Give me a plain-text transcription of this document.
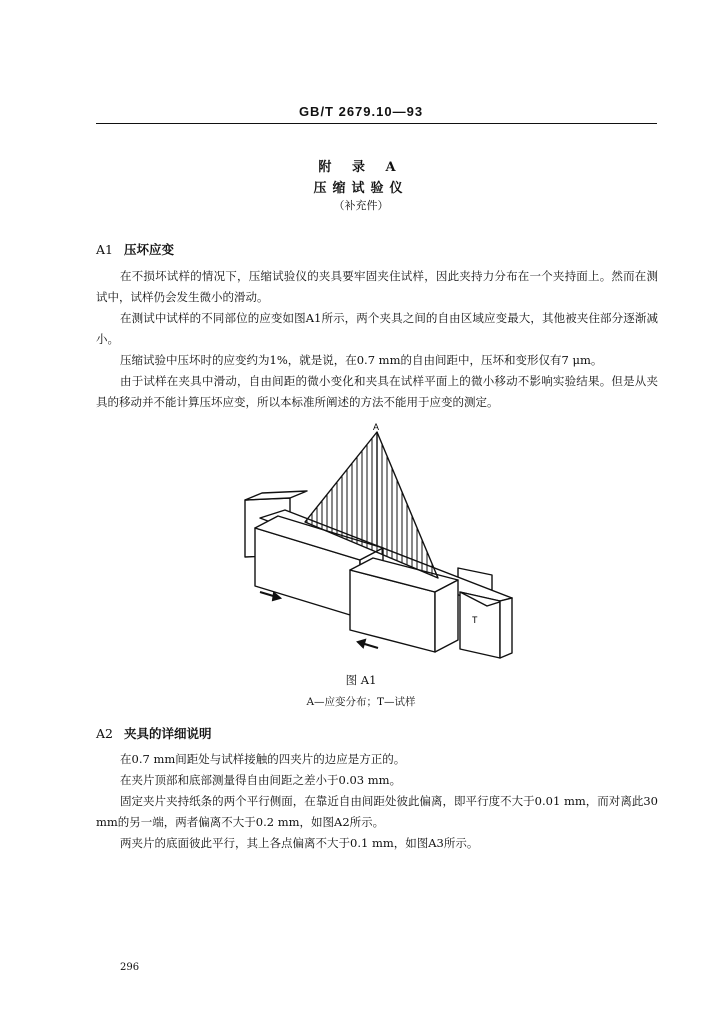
GB/T 2679.10—93
附 录 A
压缩试验仪
（补充件）
A1 压坏应变
在不损坏试样的情况下，压缩试验仪的夹具要牢固夹住试样，因此夹持力分布在一个夹持面上。然而在测试中，试样仍会发生微小的滑动。
在测试中试样的不同部位的应变如图A1所示，两个夹具之间的自由区域应变最大，其他被夹住部分逐渐减小。
压缩试验中压坏时的应变约为1%，就是说，在0.7 mm的自由间距中，压坏和变形仅有7 μm。
由于试样在夹具中滑动，自由间距的微小变化和夹具在试样平面上的微小移动不影响实验结果。但是从夹具的移动并不能计算压坏应变，所以本标准所阐述的方法不能用于应变的测定。
A
T
图 A1
A—应变分布；T—试样
A2 夹具的详细说明
在0.7 mm间距处与试样接触的四夹片的边应是方正的。
在夹片顶部和底部测量得自由间距之差小于0.03 mm。
固定夹片夹持纸条的两个平行侧面，在靠近自由间距处彼此偏离，即平行度不大于0.01 mm，而对离此30 mm的另一端，两者偏离不大于0.2 mm，如图A2所示。
两夹片的底面彼此平行，其上各点偏离不大于0.1 mm，如图A3所示。
296
